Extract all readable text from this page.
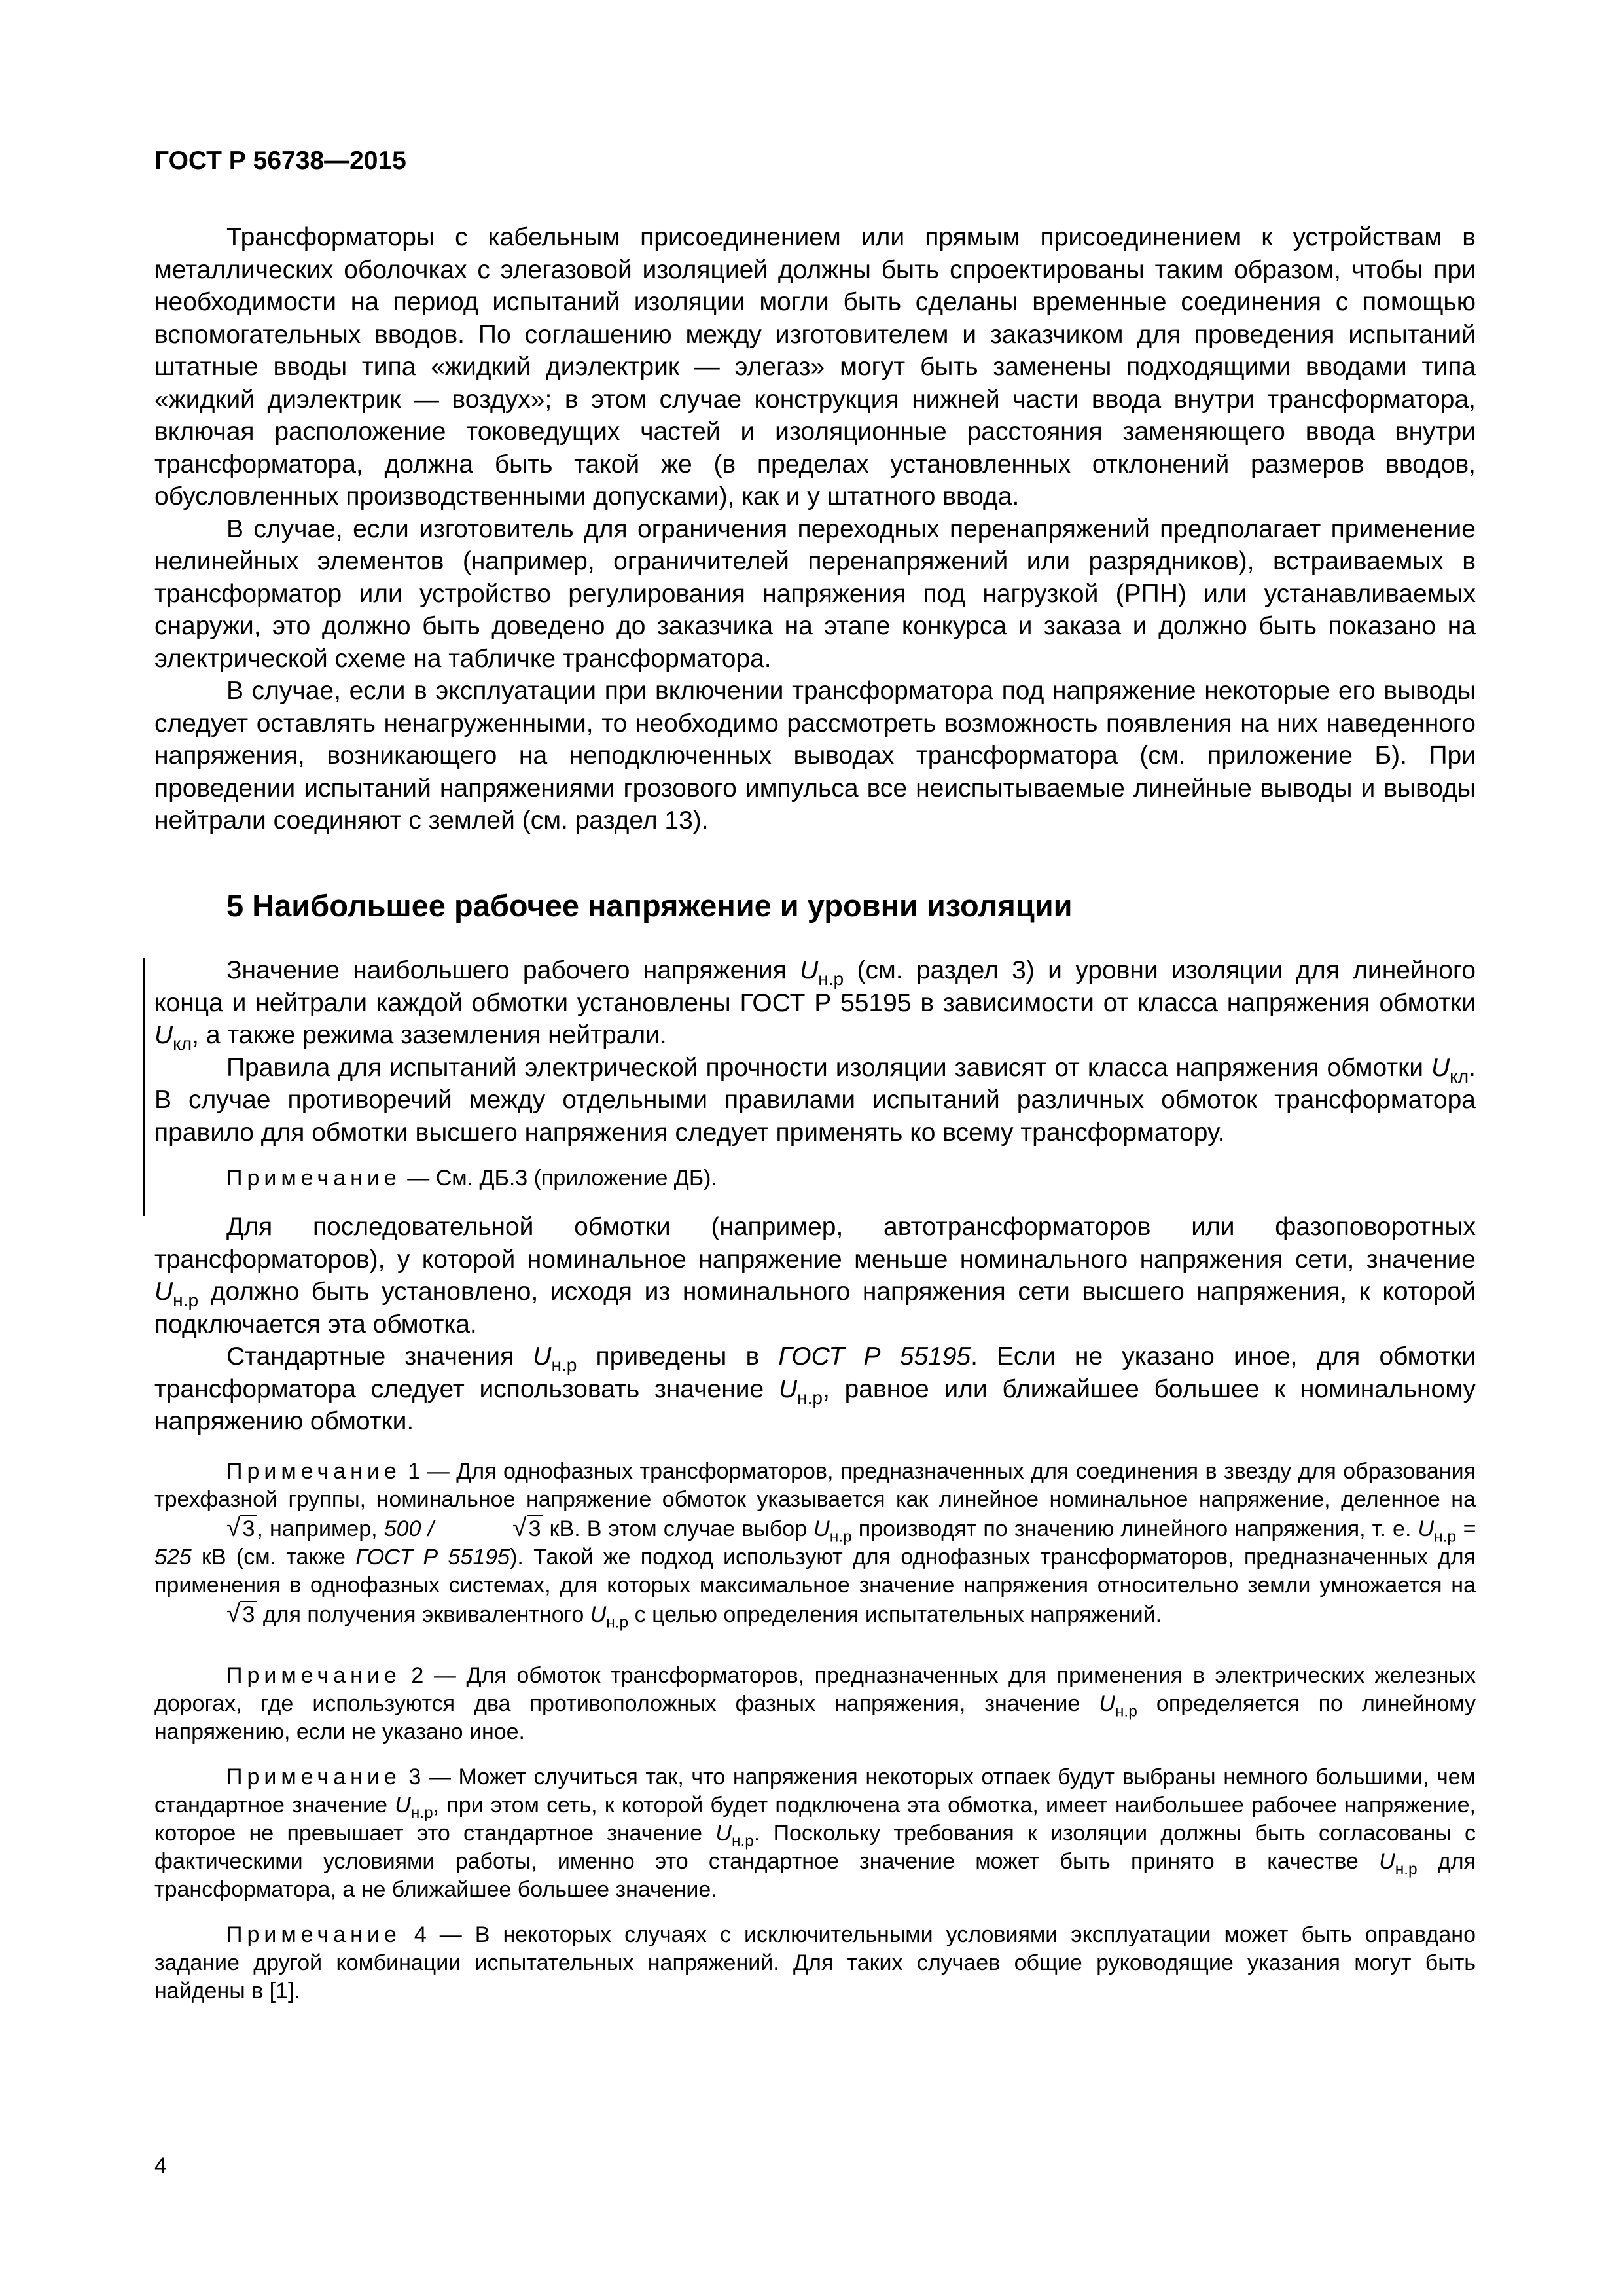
ГОСТ Р 56738—2015

Трансформаторы с кабельным присоединением или прямым присоединением к устройствам в металлических оболочках с элегазовой изоляцией должны быть спроектированы таким образом, чтобы при необходимости на период испытаний изоляции могли быть сделаны временные соединения с помощью вспомогательных вводов. По соглашению между изготовителем и заказчиком для проведения испытаний штатные вводы типа «жидкий диэлектрик — элегаз» могут быть заменены подходящими вводами типа «жидкий диэлектрик — воздух»; в этом случае конструкция нижней части ввода внутри трансформатора, включая расположение токоведущих частей и изоляционные расстояния заменяющего ввода внутри трансформатора, должна быть такой же (в пределах установленных отклонений размеров вводов, обусловленных производственными допусками), как и у штатного ввода.

В случае, если изготовитель для ограничения переходных перенапряжений предполагает применение нелинейных элементов (например, ограничителей перенапряжений или разрядников), встраиваемых в трансформатор или устройство регулирования напряжения под нагрузкой (РПН) или устанавливаемых снаружи, это должно быть доведено до заказчика на этапе конкурса и заказа и должно быть показано на электрической схеме на табличке трансформатора.

В случае, если в эксплуатации при включении трансформатора под напряжение некоторые его выводы следует оставлять ненагруженными, то необходимо рассмотреть возможность появления на них наведенного напряжения, возникающего на неподключенных выводах трансформатора (см. приложение Б). При проведении испытаний напряжениями грозового импульса все неиспытываемые линейные выводы и выводы нейтрали соединяют с землей (см. раздел 13).

5 Наибольшее рабочее напряжение и уровни изоляции

Значение наибольшего рабочего напряжения $U_{н.р}$ (см. раздел 3) и уровни изоляции для линейного конца и нейтрали каждой обмотки установлены ГОСТ Р 55195 в зависимости от класса напряжения обмотки $U_{кл}$, а также режима заземления нейтрали.

Правила для испытаний электрической прочности изоляции зависят от класса напряжения обмотки $U_{кл}$. В случае противоречий между отдельными правилами испытаний различных обмоток трансформатора правило для обмотки высшего напряжения следует применять ко всему трансформатору.

Примечание — См. ДБ.3 (приложение ДБ).

Для последовательной обмотки (например, автотрансформаторов или фазоповоротных трансформаторов), у которой номинальное напряжение меньше номинального напряжения сети, значение $U_{н.р}$ должно быть установлено, исходя из номинального напряжения сети высшего напряжения, к которой подключается эта обмотка.

Стандартные значения $U_{н.р}$ приведены в ГОСТ Р 55195. Если не указано иное, для обмотки трансформатора следует использовать значение $U_{н.р}$, равное или ближайшее большее к номинальному напряжению обмотки.

Примечание 1 — Для однофазных трансформаторов, предназначенных для соединения в звезду для образования трехфазной группы, номинальное напряжение обмоток указывается как линейное номинальное напряжение, деленное на √3, например, 500 /	√3 кВ. В этом случае выбор $U_{н.р}$ производят по значению линейного напряжения, т. е. $U_{н.р} = 525$ кВ (см. также ГОСТ Р 55195). Такой же подход используют для однофазных трансформаторов, предназначенных для применения в однофазных системах, для которых максимальное значение напряжения относительно земли умножается на √3 для получения эквивалентного $U_{н.р}$ с целью определения испытательных напряжений.

Примечание 2 — Для обмоток трансформаторов, предназначенных для применения в электрических железных дорогах, где используются два противоположных фазных напряжения, значение $U_{н.р}$ определяется по линейному напряжению, если не указано иное.

Примечание 3 — Может случиться так, что напряжения некоторых отпаек будут выбраны немного большими, чем стандартное значение $U_{н.р}$, при этом сеть, к которой будет подключена эта обмотка, имеет наибольшее рабочее напряжение, которое не превышает это стандартное значение $U_{н.р}$. Поскольку требования к изоляции должны быть согласованы с фактическими условиями работы, именно это стандартное значение может быть принято в качестве $U_{н.р}$ для трансформатора, а не ближайшее большее значение.

Примечание 4 — В некоторых случаях с исключительными условиями эксплуатации может быть оправдано задание другой комбинации испытательных напряжений. Для таких случаев общие руководящие указания могут быть найдены в [1].

4
